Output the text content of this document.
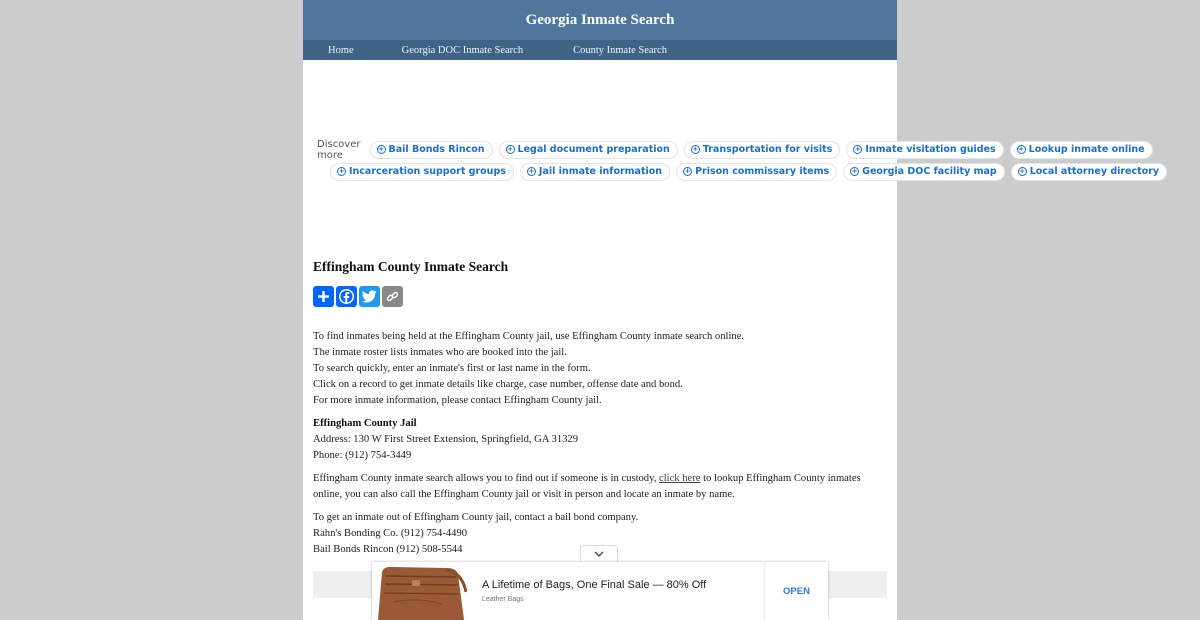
Georgia Inmate Search
Home	Georgia DOC Inmate Search	County Inmate Search
Discover more
+ Bail Bonds Rincon	+ Legal document preparation	+ Transportation for visits	+ Inmate visitation guides	+ Lookup inmate online
+ Incarceration support groups	+ Jail inmate information	+ Prison commissary items	+ Georgia DOC facility map	+ Local attorney directory
Effingham County Inmate Search

To find inmates being held at the Effingham County jail, use Effingham County inmate search online.
The inmate roster lists inmates who are booked into the jail.
To search quickly, enter an inmate's first or last name in the form.
Click on a record to get inmate details like charge, case number, offense date and bond.
For more inmate information, please contact Effingham County jail.

Effingham County Jail
Address: 130 W First Street Extension, Springfield, GA 31329
Phone: (912) 754-3449

Effingham County inmate search allows you to find out if someone is in custody, click here to lookup Effingham County inmates online, you can also call the Effingham County jail or visit in person and locate an inmate by name.

To get an inmate out of Effingham County jail, contact a bail bond company.
Rahn's Bonding Co. (912) 754-4490
Bail Bonds Rincon (912) 508-5544

A Lifetime of Bags, One Final Sale — 80% Off
Leather Bags
OPEN
